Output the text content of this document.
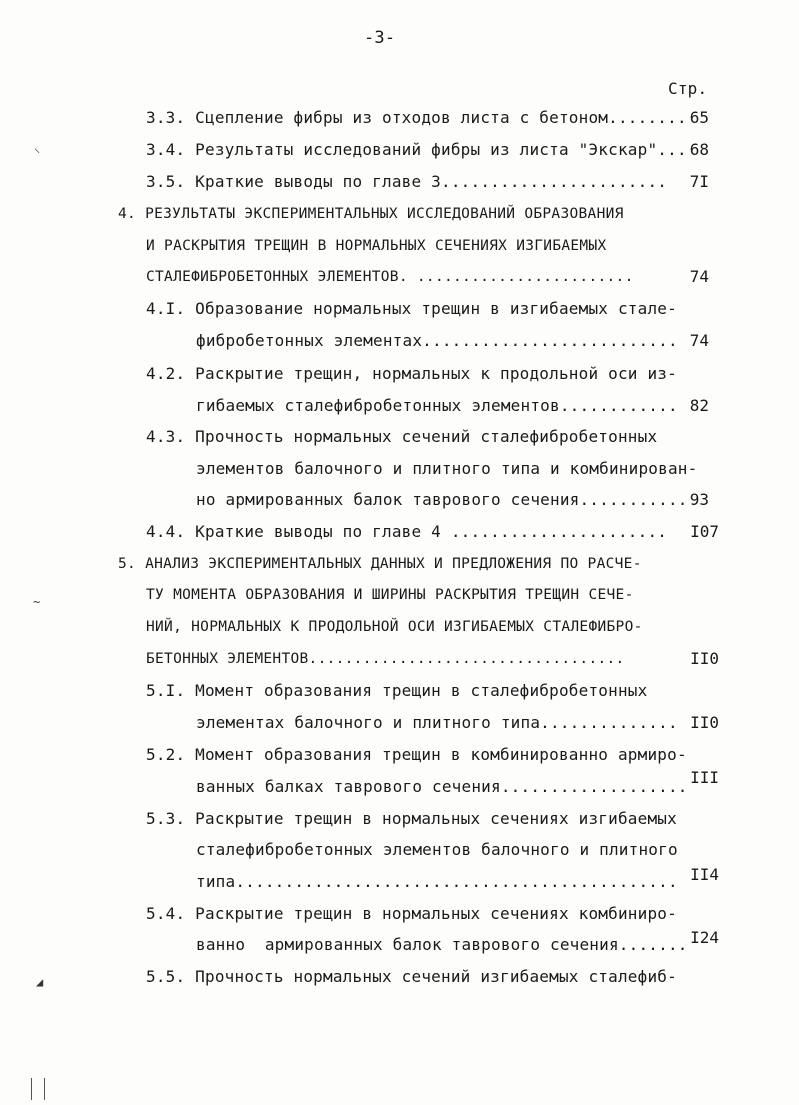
-3-
Стр.
3.3. Сцепление фибры из отходов листа с бетоном........ 65
3.4. Результаты исследований фибры из листа "Экскар"... 68
3.5. Краткие выводы по главе 3....................... 7I
4. РЕЗУЛЬТАТЫ ЭКСПЕРИМЕНТАЛЬНЫХ ИССЛЕДОВАНИЙ ОБРАЗОВАНИЯ
И РАСКРЫТИЯ ТРЕЩИН В НОРМАЛЬНЫХ СЕЧЕНИЯХ ИЗГИБАЕМЫХ
СТАЛЕФИБРОБЕТОННЫХ ЭЛЕМЕНТОВ. ........................	74
4.I. Образование нормальных трещин в изгибаемых стале-
фибробетонных элементах.......................... 74
4.2. Раскрытие трещин, нормальных к продольной оси из-
гибаемых сталефибробетонных элементов............ 82
4.3. Прочность нормальных сечений сталефибробетонных
элементов балочного и плитного типа и комбинирован-
но армированных балок таврового сечения........... 93
4.4. Краткие выводы по главе 4 ...................... I07
5. АНАЛИЗ ЭКСПЕРИМЕНТАЛЬНЫХ ДАННЫХ И ПРЕДЛОЖЕНИЯ ПО РАСЧЕ-
ТУ МОМЕНТА ОБРАЗОВАНИЯ И ШИРИНЫ РАСКРЫТИЯ ТРЕЩИН СЕЧЕ-
НИЙ, НОРМАЛЬНЫХ К ПРОДОЛЬНОЙ ОСИ ИЗГИБАЕМЫХ СТАЛЕФИБРО-
БЕТОННЫХ ЭЛЕМЕНТОВ...................................	II0
5.I. Момент образования трещин в сталефибробетонных
элементах балочного и плитного типа.............. II0
5.2. Момент образования трещин в комбинированно армиро-
ванных балках таврового сечения................... III
5.3. Раскрытие трещин в нормальных сечениях изгибаемых
сталефибробетонных элементов балочного и плитного
типа............................................. II4
5.4. Раскрытие трещин в нормальных сечениях комбиниро-
ванно  армированных балок таврового сечения....... I24
5.5. Прочность нормальных сечений изгибаемых сталефиб-
⸜
~
◢
